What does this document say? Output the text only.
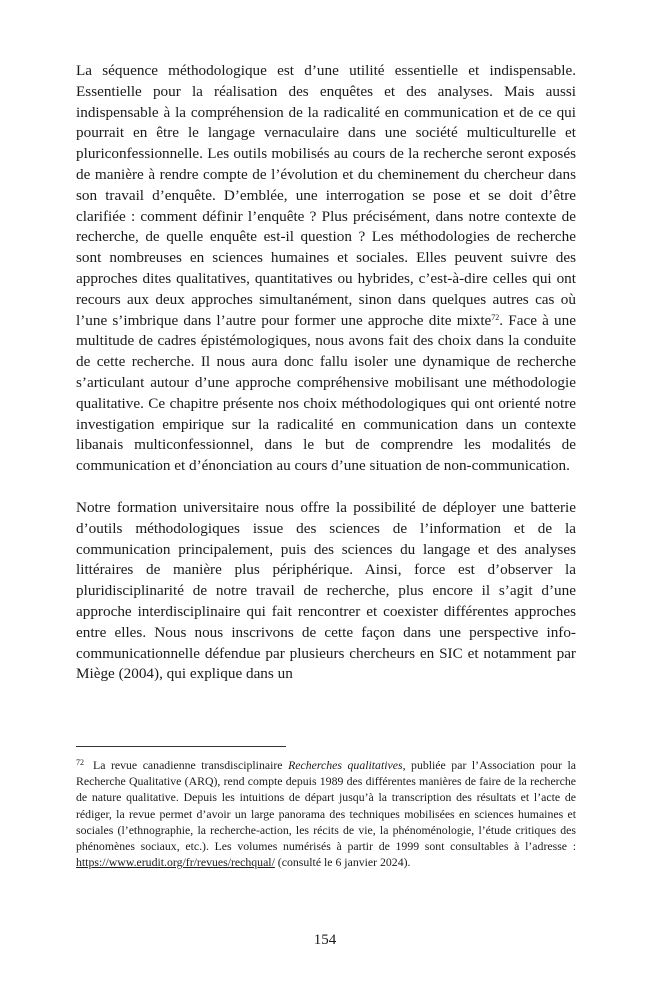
La séquence méthodologique est d’une utilité essentielle et indispensable. Essentielle pour la réalisation des enquêtes et des analyses. Mais aussi indispensable à la compréhension de la radicalité en communication et de ce qui pourrait en être le langage vernaculaire dans une société multiculturelle et pluriconfessionnelle. Les outils mobilisés au cours de la recherche seront exposés de manière à rendre compte de l’évolution et du cheminement du chercheur dans son travail d’enquête. D’emblée, une interrogation se pose et se doit d’être clarifiée : comment définir l’enquête ? Plus précisément, dans notre contexte de recherche, de quelle enquête est-il question ? Les méthodologies de recherche sont nombreuses en sciences humaines et sociales. Elles peuvent suivre des approches dites qualitatives, quantitatives ou hybrides, c’est-à-dire celles qui ont recours aux deux approches simultanément, sinon dans quelques autres cas où l’une s’imbrique dans l’autre pour former une approche dite mixte$^{72}$. Face à une multitude de cadres épistémologiques, nous avons fait des choix dans la conduite de cette recherche. Il nous aura donc fallu isoler une dynamique de recherche s’articulant autour d’une approche compréhensive mobilisant une méthodologie qualitative. Ce chapitre présente nos choix méthodologiques qui ont orienté notre investigation empirique sur la radicalité en communication dans un contexte libanais multiconfessionnel, dans le but de comprendre les modalités de communication et d’énonciation au cours d’une situation de non-communication.

Notre formation universitaire nous offre la possibilité de déployer une batterie d’outils méthodologiques issue des sciences de l’information et de la communication principalement, puis des sciences du langage et des analyses littéraires de manière plus périphérique. Ainsi, force est d’observer la pluridisciplinarité de notre travail de recherche, plus encore il s’agit d’une approche interdisciplinaire qui fait rencontrer et coexister différentes approches entre elles. Nous nous inscrivons de cette façon dans une perspective info-communicationnelle défendue par plusieurs chercheurs en SIC et notamment par Miège (2004), qui explique dans un

$^{72}$ La revue canadienne transdisciplinaire Recherches qualitatives, publiée par l’Association pour la Recherche Qualitative (ARQ), rend compte depuis 1989 des différentes manières de faire de la recherche de nature qualitative. Depuis les intuitions de départ jusqu’à la transcription des résultats et l’acte de rédiger, la revue permet d’avoir un large panorama des techniques mobilisées en sciences humaines et sociales (l’ethnographie, la recherche-action, les récits de vie, la phénoménologie, l’étude critiques des phénomènes sociaux, etc.). Les volumes numérisés à partir de 1999 sont consultables à l’adresse : https://www.erudit.org/fr/revues/rechqual/ (consulté le 6 janvier 2024).

154
